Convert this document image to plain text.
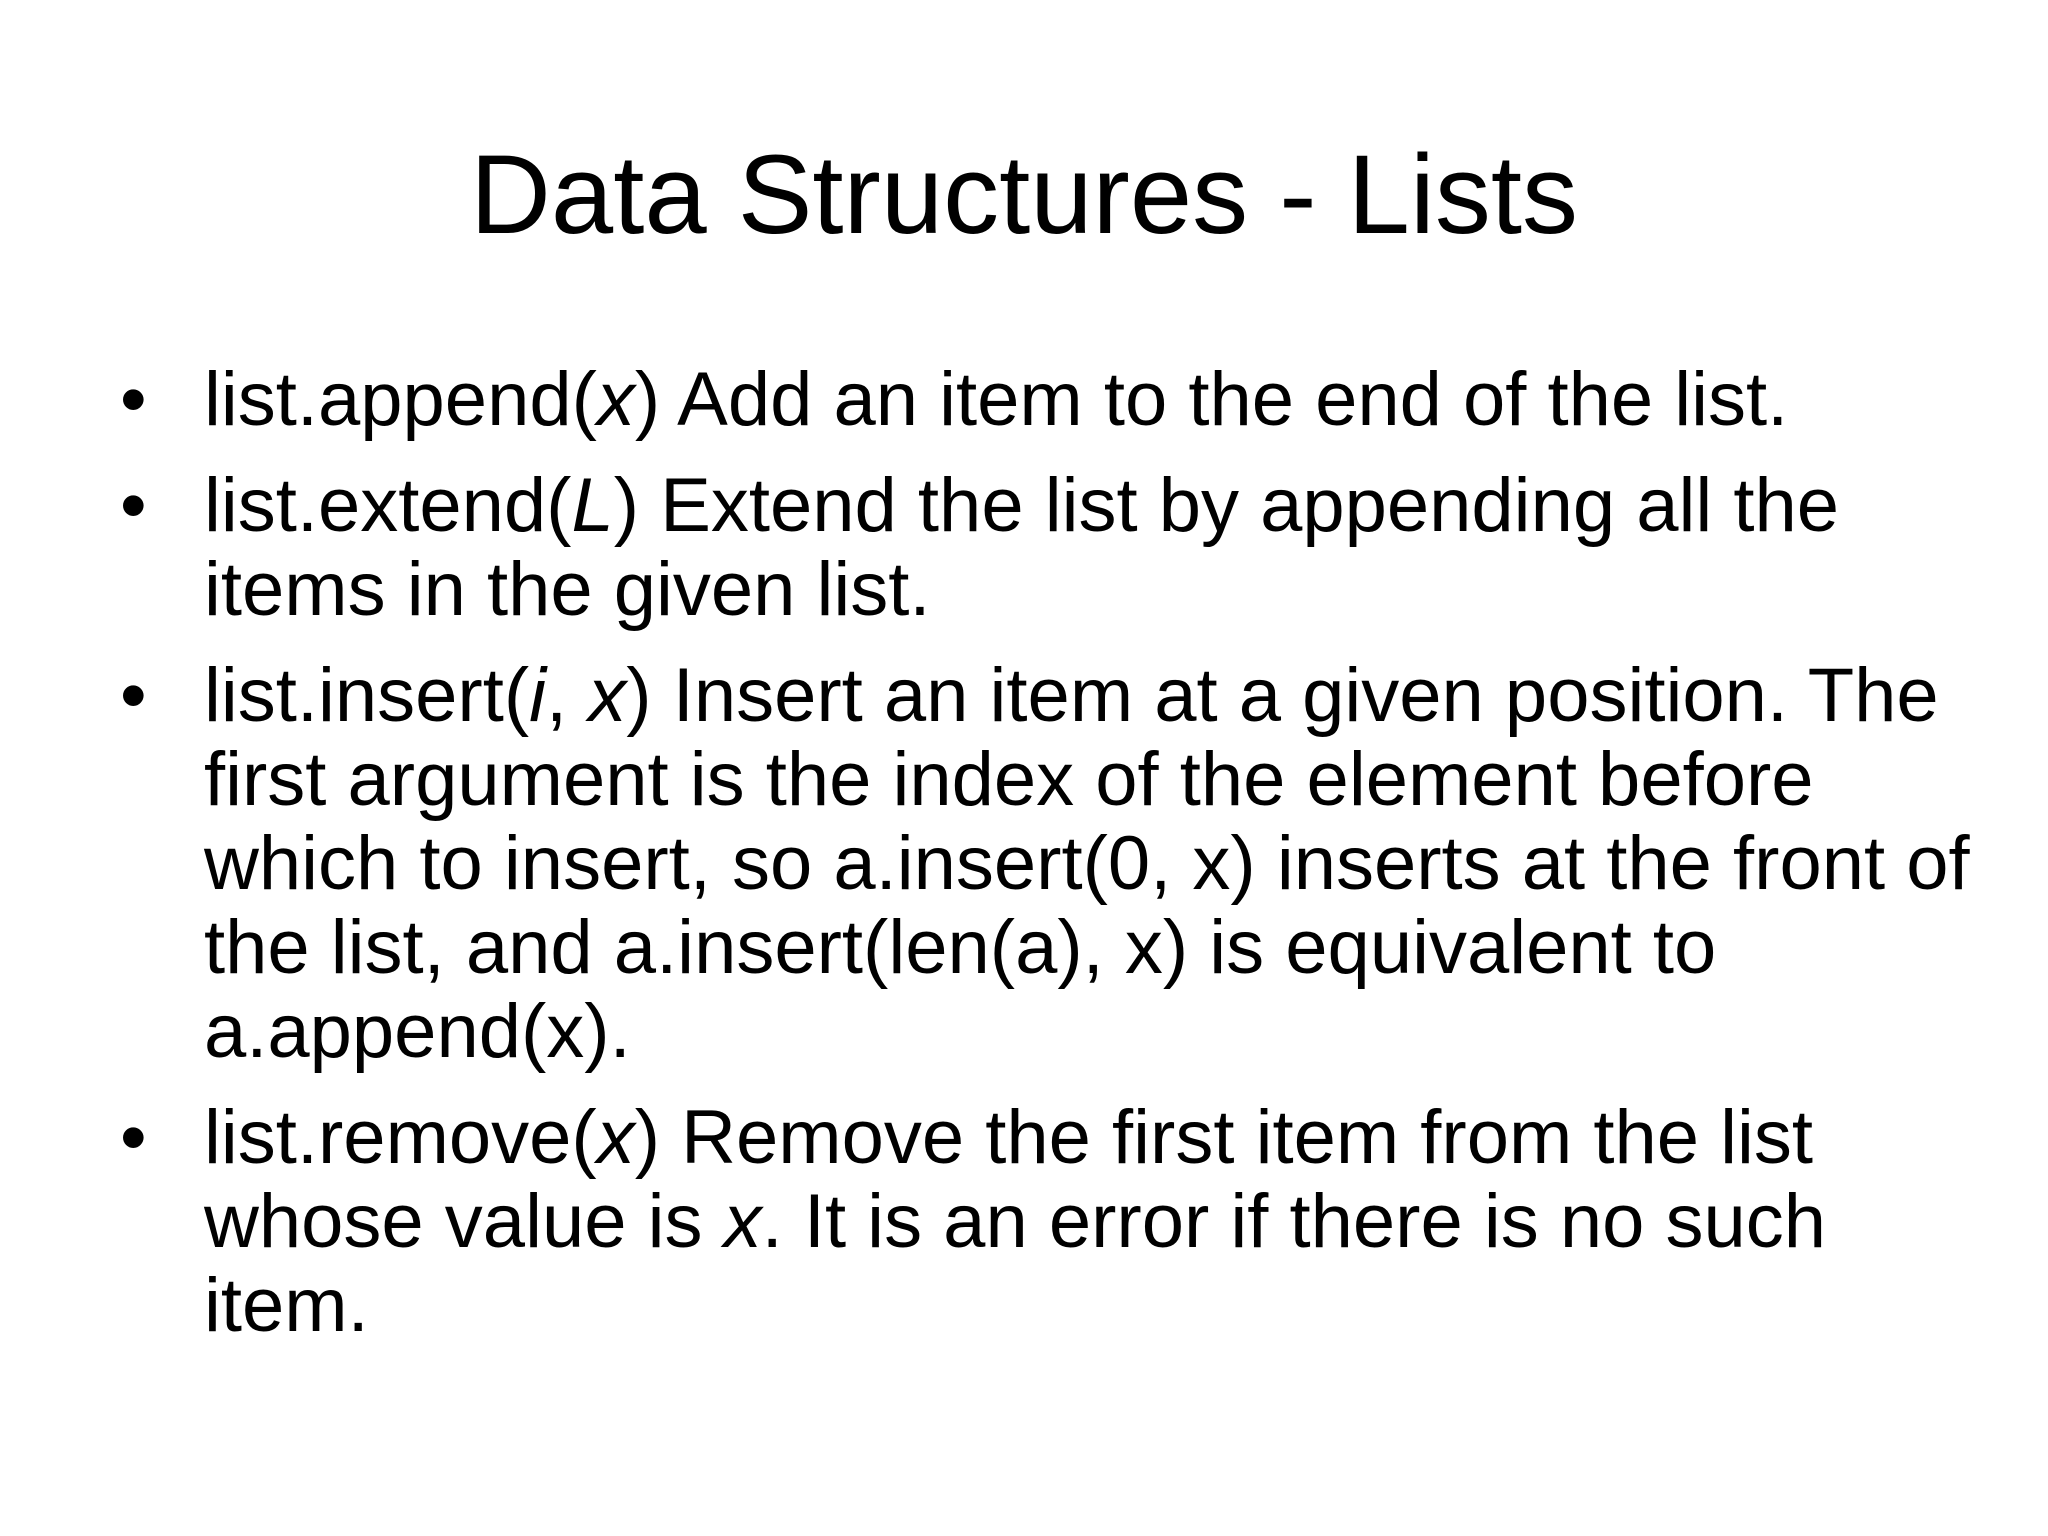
Data Structures - Lists
• list.append(x) Add an item to the end of the list.
• list.extend(L) Extend the list by appending all the items in the given list.
• list.insert(i, x) Insert an item at a given position. The first argument is the index of the element before which to insert, so a.insert(0, x) inserts at the front of the list, and a.insert(len(a), x) is equivalent to a.append(x).
• list.remove(x) Remove the first item from the list whose value is x. It is an error if there is no such item.
